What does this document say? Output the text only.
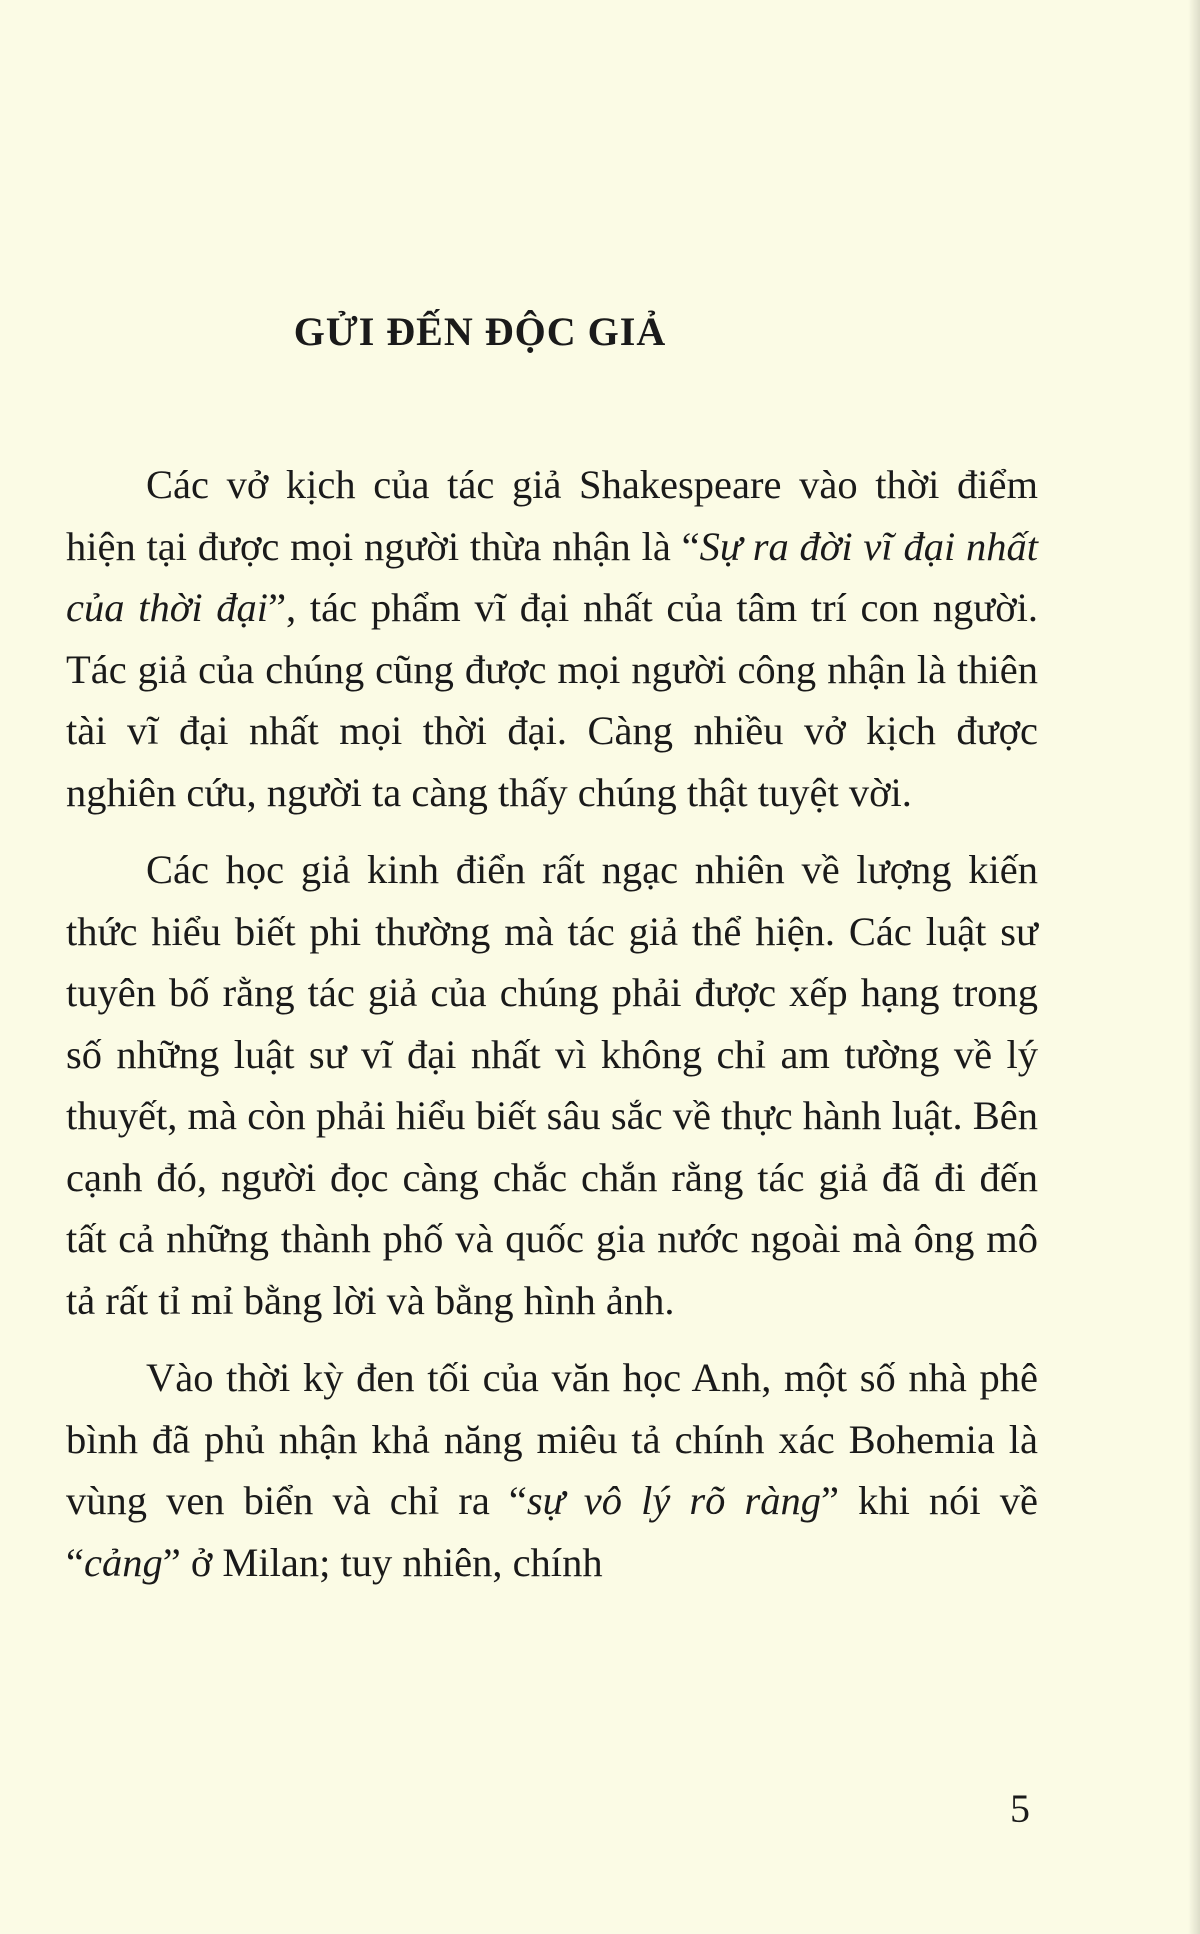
GỬI ĐẾN ĐỘC GIẢ

Các vở kịch của tác giả Shakespeare vào thời điểm hiện tại được mọi người thừa nhận là “Sự ra đời vĩ đại nhất của thời đại”, tác phẩm vĩ đại nhất của tâm trí con người. Tác giả của chúng cũng được mọi người công nhận là thiên tài vĩ đại nhất mọi thời đại. Càng nhiều vở kịch được nghiên cứu, người ta càng thấy chúng thật tuyệt vời.

Các học giả kinh điển rất ngạc nhiên về lượng kiến thức hiểu biết phi thường mà tác giả thể hiện. Các luật sư tuyên bố rằng tác giả của chúng phải được xếp hạng trong số những luật sư vĩ đại nhất vì không chỉ am tường về lý thuyết, mà còn phải hiểu biết sâu sắc về thực hành luật. Bên cạnh đó, người đọc càng chắc chắn rằng tác giả đã đi đến tất cả những thành phố và quốc gia nước ngoài mà ông mô tả rất tỉ mỉ bằng lời và bằng hình ảnh.

Vào thời kỳ đen tối của văn học Anh, một số nhà phê bình đã phủ nhận khả năng miêu tả chính xác Bohemia là vùng ven biển và chỉ ra “sự vô lý rõ ràng” khi nói về “cảng” ở Milan; tuy nhiên, chính

5
